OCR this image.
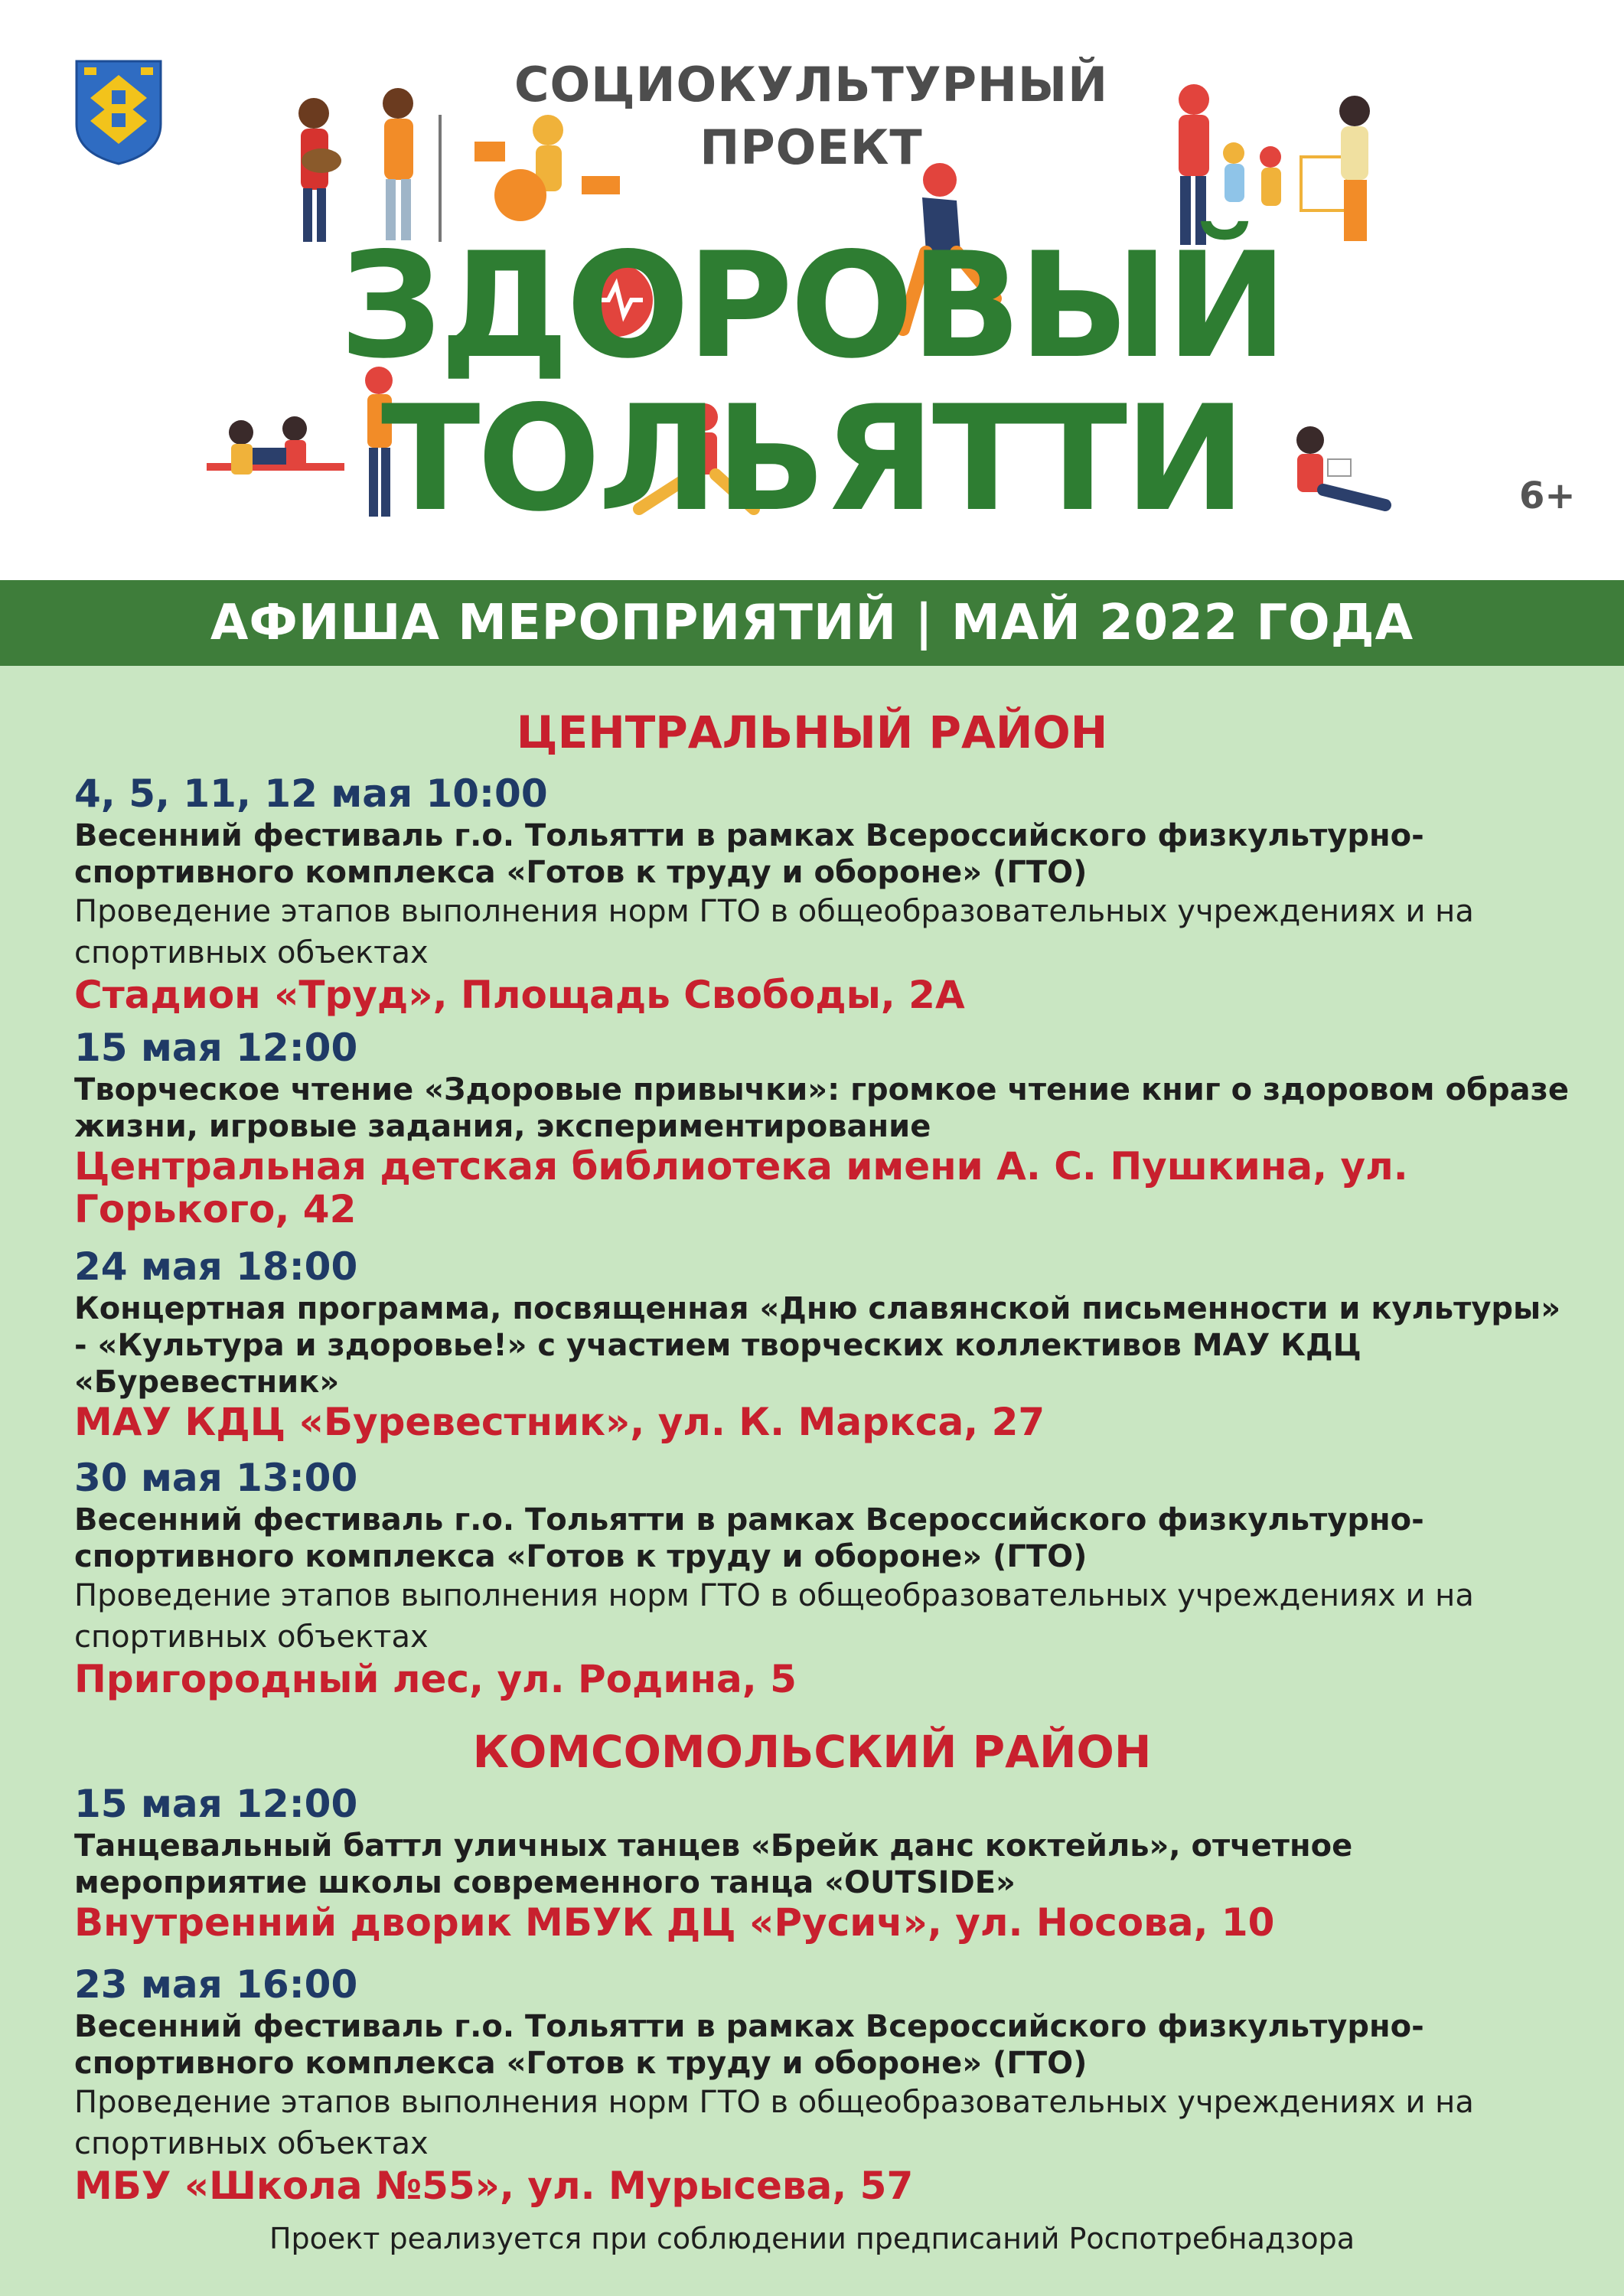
СОЦИОКУЛЬТУРНЫЙ
ПРОЕКТ
ЗДОРОВЫЙ
ТОЛЬЯТТИ	6+
АФИША МЕРОПРИЯТИЙ | МАЙ 2022 ГОДА
ЦЕНТРАЛЬНЫЙ РАЙОН
4, 5, 11, 12 мая 10:00
Весенний фестиваль г.о. Тольятти в рамках Всероссийского физкультурно-спортивного комплекса «Готов к труду и обороне» (ГТО)
Проведение этапов выполнения норм ГТО в общеобразовательных учреждениях и на спортивных объектах
Стадион «Труд», Площадь Свободы, 2А
15 мая 12:00
Творческое чтение «Здоровые привычки»: громкое чтение книг о здоровом образе жизни, игровые задания, экспериментирование
Центральная детская библиотека имени А. С. Пушкина, ул. Горького, 42
24 мая 18:00
Концертная программа, посвященная «Дню славянской письменности и культуры» - «Культура и здоровье!» с участием творческих коллективов МАУ КДЦ «Буревестник»
МАУ КДЦ «Буревестник», ул. К. Маркса, 27
30 мая 13:00
Весенний фестиваль г.о. Тольятти в рамках Всероссийского физкультурно-спортивного комплекса «Готов к труду и обороне» (ГТО)
Проведение этапов выполнения норм ГТО в общеобразовательных учреждениях и на спортивных объектах
Пригородный лес, ул. Родина, 5
КОМСОМОЛЬСКИЙ РАЙОН
15 мая 12:00
Танцевальный баттл уличных танцев «Брейк данс коктейль», отчетное мероприятие школы современного танца «OUTSIDE»
Внутренний дворик МБУК ДЦ «Русич», ул. Носова, 10
23 мая 16:00
Весенний фестиваль г.о. Тольятти в рамках Всероссийского физкультурно-спортивного комплекса «Готов к труду и обороне» (ГТО)
Проведение этапов выполнения норм ГТО в общеобразовательных учреждениях и на спортивных объектах
МБУ «Школа №55», ул. Мурысева, 57
Проект реализуется при соблюдении предписаний Роспотребнадзора
